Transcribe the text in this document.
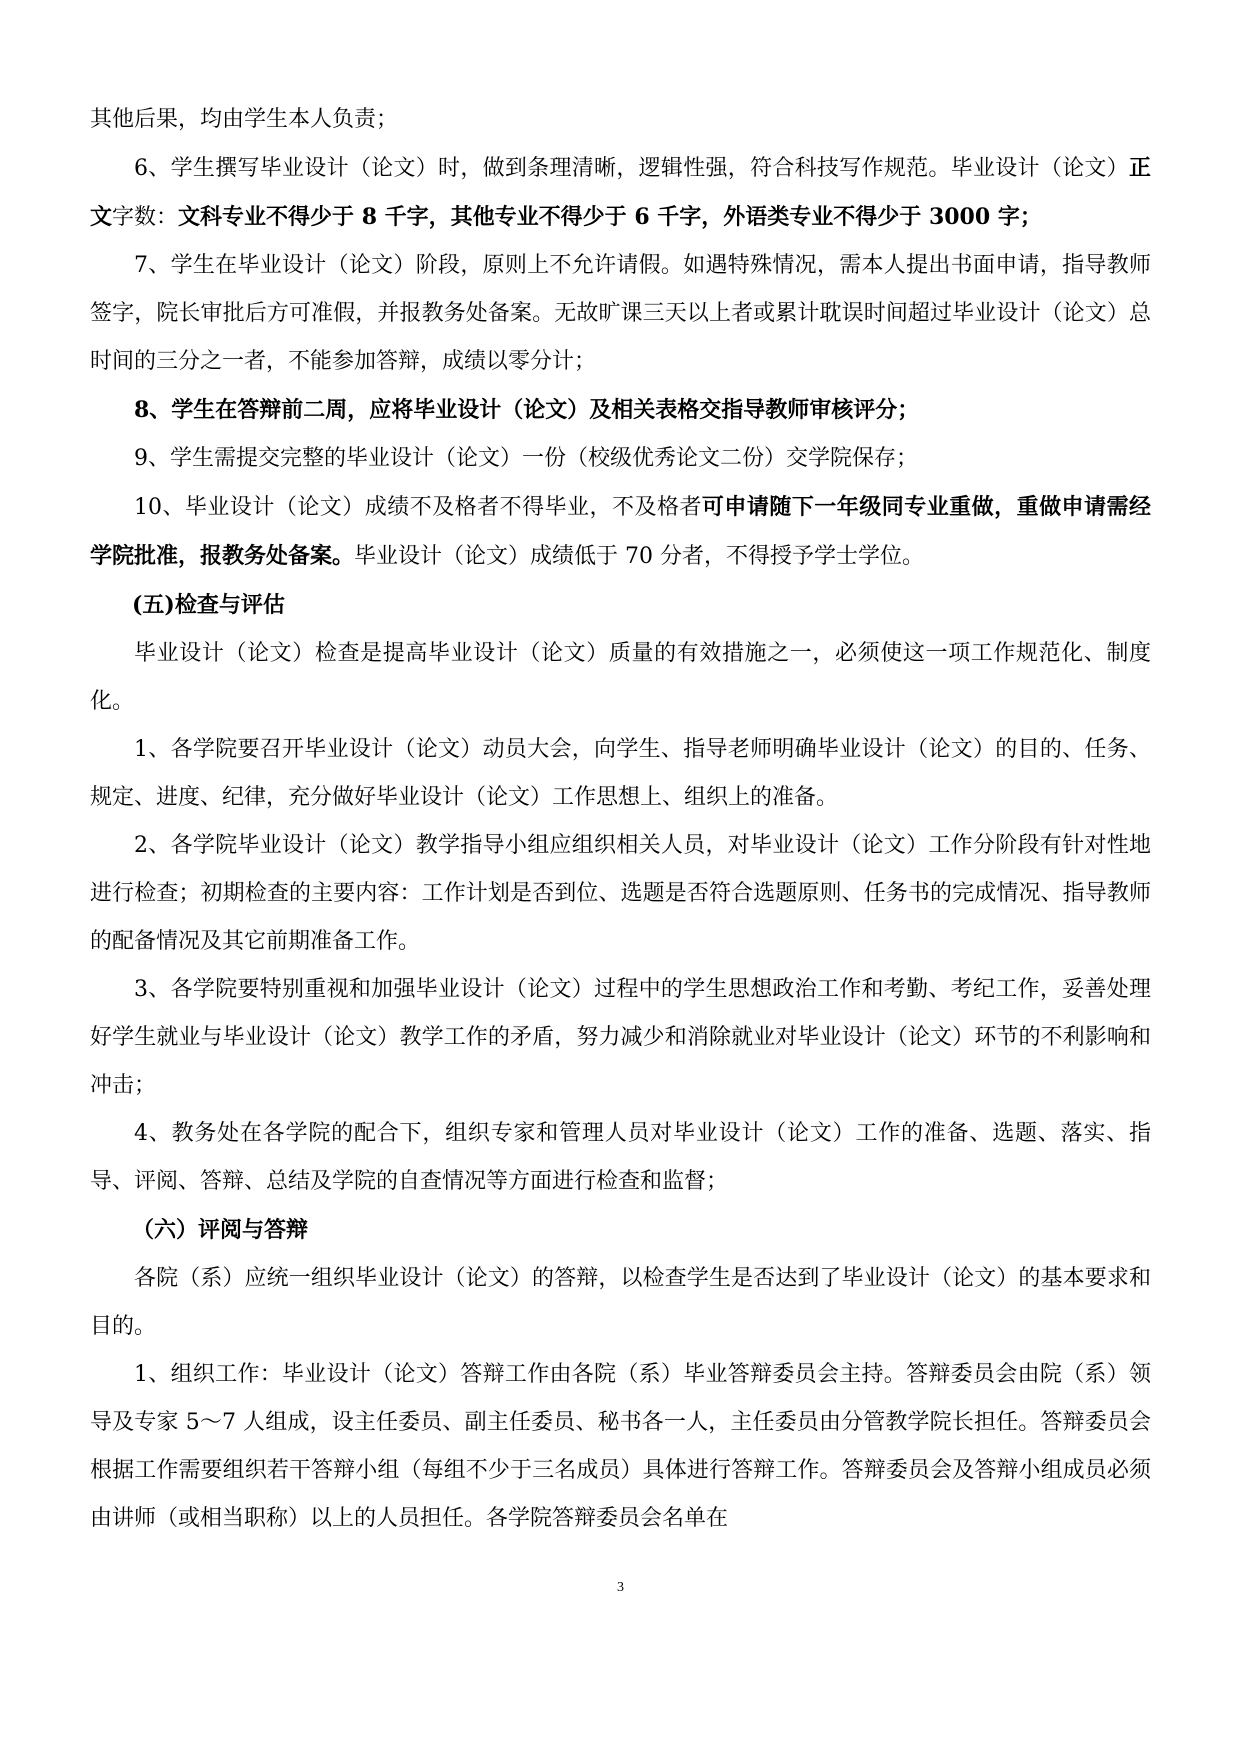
其他后果，均由学生本人负责；

6、学生撰写毕业设计（论文）时，做到条理清晰，逻辑性强，符合科技写作规范。毕业设计（论文）正文字数：文科专业不得少于 8 千字，其他专业不得少于 6 千字，外语类专业不得少于 3000 字；

7、学生在毕业设计（论文）阶段，原则上不允许请假。如遇特殊情况，需本人提出书面申请，指导教师签字，院长审批后方可准假，并报教务处备案。无故旷课三天以上者或累计耽误时间超过毕业设计（论文）总时间的三分之一者，不能参加答辩，成绩以零分计；

8、学生在答辩前二周，应将毕业设计（论文）及相关表格交指导教师审核评分；

9、学生需提交完整的毕业设计（论文）一份（校级优秀论文二份）交学院保存；

10、毕业设计（论文）成绩不及格者不得毕业，不及格者可申请随下一年级同专业重做，重做申请需经学院批准，报教务处备案。毕业设计（论文）成绩低于 70 分者，不得授予学士学位。

(五)检查与评估

毕业设计（论文）检查是提高毕业设计（论文）质量的有效措施之一，必须使这一项工作规范化、制度化。

1、各学院要召开毕业设计（论文）动员大会，向学生、指导老师明确毕业设计（论文）的目的、任务、规定、进度、纪律，充分做好毕业设计（论文）工作思想上、组织上的准备。

2、各学院毕业设计（论文）教学指导小组应组织相关人员，对毕业设计（论文）工作分阶段有针对性地进行检查；初期检查的主要内容：工作计划是否到位、选题是否符合选题原则、任务书的完成情况、指导教师的配备情况及其它前期准备工作。

3、各学院要特别重视和加强毕业设计（论文）过程中的学生思想政治工作和考勤、考纪工作，妥善处理好学生就业与毕业设计（论文）教学工作的矛盾，努力减少和消除就业对毕业设计（论文）环节的不利影响和冲击；

4、教务处在各学院的配合下，组织专家和管理人员对毕业设计（论文）工作的准备、选题、落实、指导、评阅、答辩、总结及学院的自查情况等方面进行检查和监督；

（六）评阅与答辩

各院（系）应统一组织毕业设计（论文）的答辩，以检查学生是否达到了毕业设计（论文）的基本要求和目的。

1、组织工作：毕业设计（论文）答辩工作由各院（系）毕业答辩委员会主持。答辩委员会由院（系）领导及专家 5～7 人组成，设主任委员、副主任委员、秘书各一人，主任委员由分管教学院长担任。答辩委员会根据工作需要组织若干答辩小组（每组不少于三名成员）具体进行答辩工作。答辩委员会及答辩小组成员必须由讲师（或相当职称）以上的人员担任。各学院答辩委员会名单在

3
